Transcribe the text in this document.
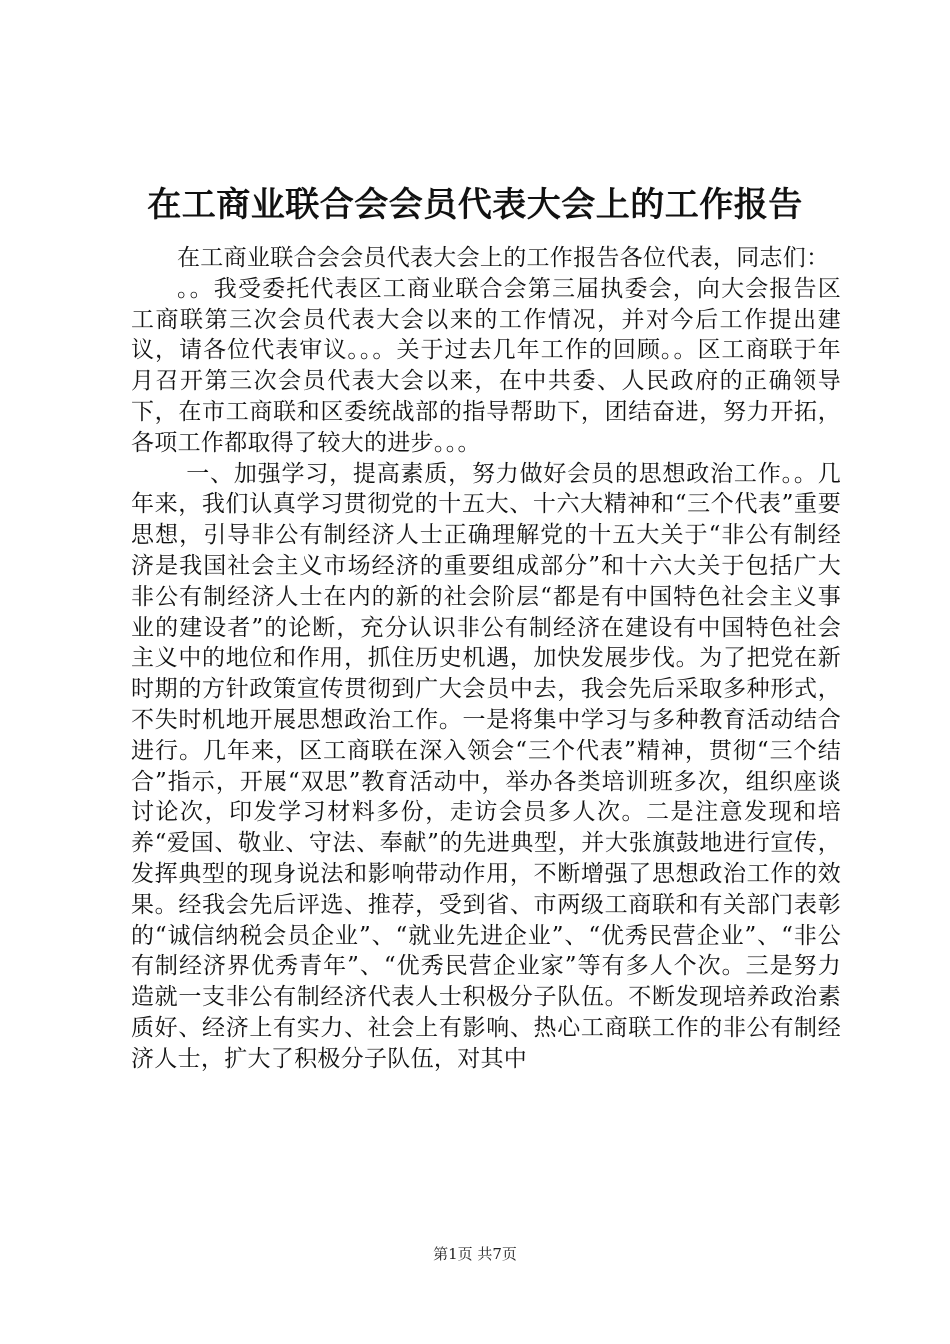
在工商业联合会会员代表大会上的工作报告

在工商业联合会会员代表大会上的工作报告各位代表，同志们：

。。我受委托代表区工商业联合会第三届执委会，向大会报告区工商联第三次会员代表大会以来的工作情况，并对今后工作提出建议，请各位代表审议。。。关于过去几年工作的回顾。。区工商联于年月召开第三次会员代表大会以来，在中共委、人民政府的正确领导下，在市工商联和区委统战部的指导帮助下，团结奋进，努力开拓，各项工作都取得了较大的进步。。。

一、加强学习，提高素质，努力做好会员的思想政治工作。。几年来，我们认真学习贯彻党的十五大、十六大精神和“三个代表”重要思想，引导非公有制经济人士正确理解党的十五大关于“非公有制经济是我国社会主义市场经济的重要组成部分”和十六大关于包括广大非公有制经济人士在内的新的社会阶层“都是有中国特色社会主义事业的建设者”的论断，充分认识非公有制经济在建设有中国特色社会主义中的地位和作用，抓住历史机遇，加快发展步伐。为了把党在新时期的方针政策宣传贯彻到广大会员中去，我会先后采取多种形式，不失时机地开展思想政治工作。一是将集中学习与多种教育活动结合进行。几年来，区工商联在深入领会“三个代表”精神，贯彻“三个结合”指示，开展“双思”教育活动中，举办各类培训班多次，组织座谈讨论次，印发学习材料多份，走访会员多人次。二是注意发现和培养“爱国、敬业、守法、奉献”的先进典型，并大张旗鼓地进行宣传，发挥典型的现身说法和影响带动作用，不断增强了思想政治工作的效果。经我会先后评选、推荐，受到省、市两级工商联和有关部门表彰的“诚信纳税会员企业”、“就业先进企业”、“优秀民营企业”、“非公有制经济界优秀青年”、“优秀民营企业家”等有多人个次。三是努力造就一支非公有制经济代表人士积极分子队伍。不断发现培养政治素质好、经济上有实力、社会上有影响、热心工商联工作的非公有制经济人士，扩大了积极分子队伍，对其中

第1页 共7页
